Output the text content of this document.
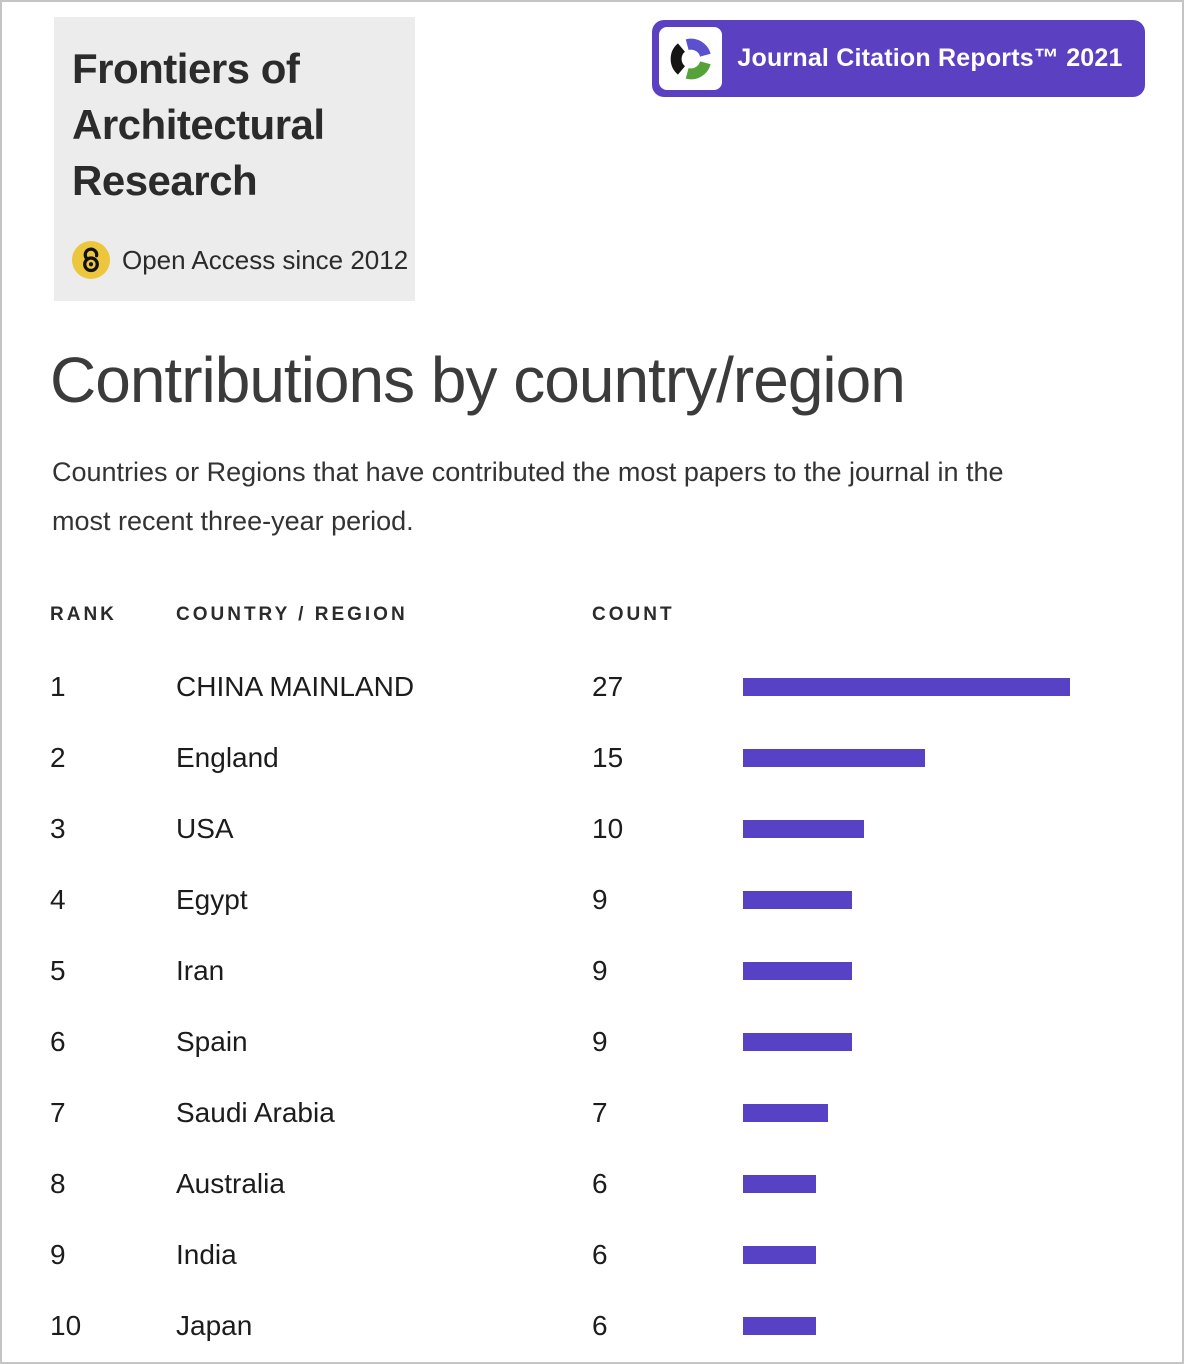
Frontiers of
Architectural
Research
Open Access since 2012
Journal Citation Reports™ 2021
Contributions by country/region

Countries or Regions that have contributed the most papers to the journal in the
most recent three-year period.

RANK	COUNTRY / REGION	COUNT
1	CHINA MAINLAND	27
2	England	15
3	USA	10
4	Egypt	9
5	Iran	9
6	Spain	9
7	Saudi Arabia	7
8	Australia	6
9	India	6
10	Japan	6
